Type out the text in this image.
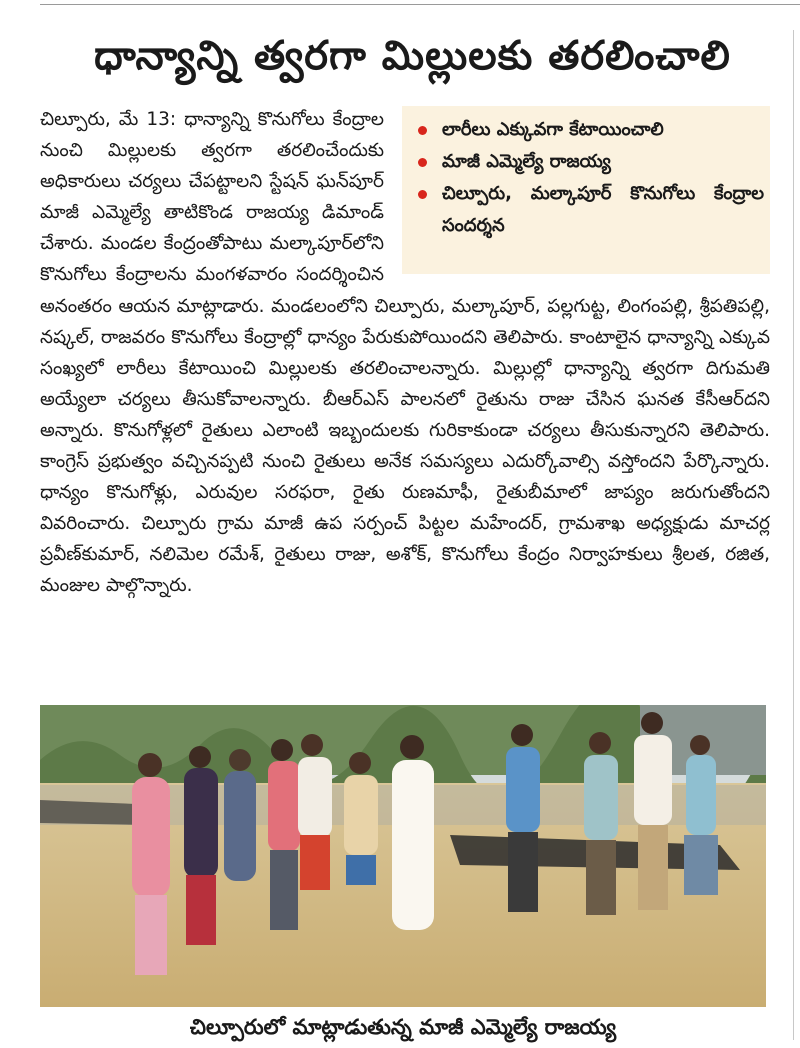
ధాన్యాన్ని త్వరగా మిల్లులకు తరలించాలి
లారీలు ఎక్కువగా కేటాయించాలి
మాజీ ఎమ్మెల్యే రాజయ్య
చిల్పూరు, మల్కాపూర్ కొనుగోలు కేంద్రాల సందర్శన
చిల్పూరు, మే 13: ధాన్యాన్ని కొనుగోలు కేంద్రాల నుంచి మిల్లులకు త్వరగా తరలించేందుకు అధికారులు చర్యలు చేపట్టాలని స్టేషన్ ఘన్‌పూర్ మాజీ ఎమ్మెల్యే తాటికొండ రాజయ్య డిమాండ్ చేశారు. మండల కేంద్రంతోపాటు మల్కాపూర్‌లోని కొనుగోలు కేంద్రాలను మంగళవారం సందర్శించిన అనంతరం ఆయన మాట్లాడారు. మండలంలోని చిల్పూరు, మల్కాపూర్, పల్లగుట్ట, లింగంపల్లి, శ్రీపతిపల్లి, నష్కల్, రాజవరం కొనుగోలు కేంద్రాల్లో ధాన్యం పేరుకుపోయిందని తెలిపారు. కాంటాలైన ధాన్యాన్ని ఎక్కువ సంఖ్యలో లారీలు కేటాయించి మిల్లులకు తరలించాలన్నారు. మిల్లుల్లో ధాన్యాన్ని త్వరగా దిగుమతి అయ్యేలా చర్యలు తీసుకోవాలన్నారు. బీఆర్ఎస్ పాలనలో రైతును రాజు చేసిన ఘనత కేసీఆర్‌దని అన్నారు. కొనుగోళ్లలో రైతులు ఎలాంటి ఇబ్బందులకు గురికాకుండా చర్యలు తీసుకున్నారని తెలిపారు. కాంగ్రెస్ ప్రభుత్వం వచ్చినప్పటి నుంచి రైతులు అనేక సమస్యలు ఎదుర్కోవాల్సి వస్తోందని పేర్కొన్నారు. ధాన్యం కొనుగోళ్లు, ఎరువుల సరఫరా, రైతు రుణమాఫీ, రైతుబీమాలో జాప్యం జరుగుతోందని వివరించారు. చిల్పూరు గ్రామ మాజీ ఉప సర్పంచ్ పిట్టల మహేందర్, గ్రామశాఖ అధ్యక్షుడు మాచర్ల ప్రవీణ్‌కుమార్, నలిమెల రమేశ్, రైతులు రాజు, అశోక్, కొనుగోలు కేంద్రం నిర్వాహకులు శ్రీలత, రజిత, మంజుల పాల్గొన్నారు.

చిల్పూరులో మాట్లాడుతున్న మాజీ ఎమ్మెల్యే రాజయ్య
